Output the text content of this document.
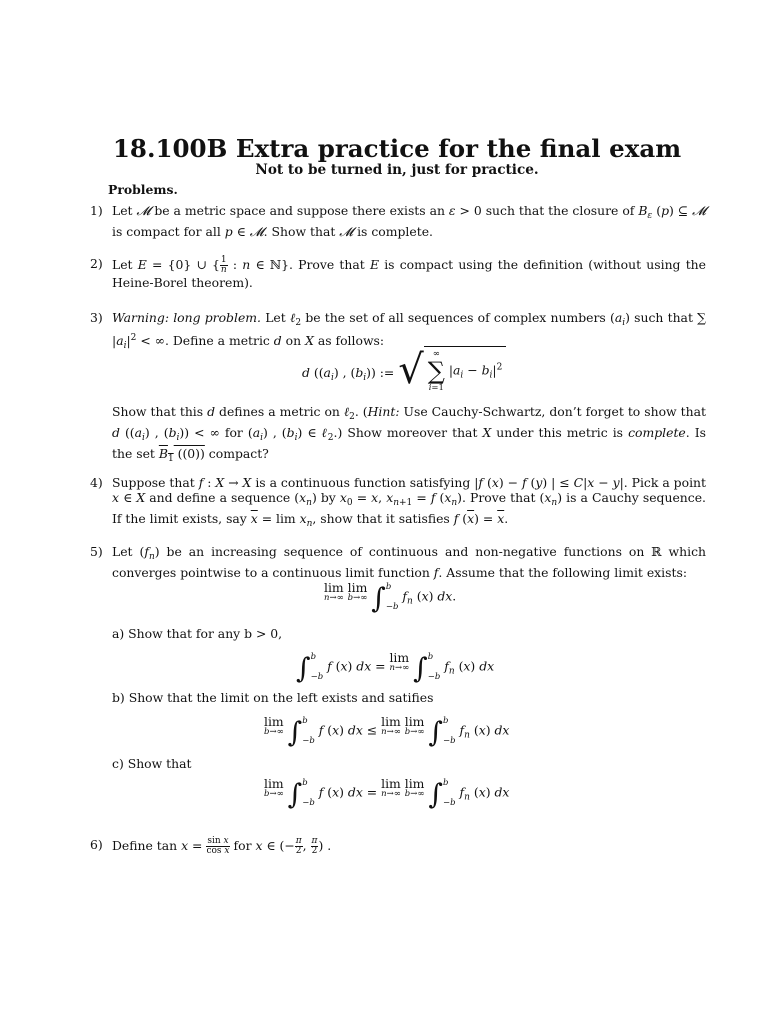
18.100B Extra practice for the final exam
Not to be turned in, just for practice.
Problems.
1) Let 𝓜 be a metric space and suppose there exists an ε > 0 such that the closure of $B_\varepsilon$ (p) ⊆ 𝓜 is compact for all p ∈ 𝓜. Show that 𝓜 is complete.
2) Let E = {0} ∪ { $\frac{1}{n}$ : n ∈ ℕ}. Prove that E is compact using the definition (without using the Heine-Borel theorem).
3) Warning: long problem. Let ℓ$_2$ be the set of all sequences of complex numbers $(a_i)$ such that ∑ $|a_i|^2$ < ∞. Define a metric d on X as follows:
d ($(a_i)$ , $(b_i)$) := √	∞
∑
i=1
$|a_i - b_i|^2$
Show that this d defines a metric on ℓ$_2$. (Hint: Use Cauchy-Schwartz, don’t forget to show that d ($(a_i)$ , $(b_i)$) < ∞ for $(a_i)$ , $(b_i)$ ∈ ℓ$_2$.) Show moreover that X under this metric is complete. Is the set $B_1$ ((0)) compact?
4) Suppose that f : X → X is a continuous function satisfying |f (x) − f (y) | ≤ C|x − y|. Pick a point x ∈ X and define a sequence $(x_n)$ by $x_0 = x$, $x_{n+1} = f$ $(x_n)$. Prove that $(x_n)$ is a Cauchy sequence. If the limit exists, say $\overline{x} = \lim x_n$, show that it satisfies f $(\overline{x}) = \overline{x}$.
5) Let $(f_n)$ be an increasing sequence of continuous and non-negative functions on ℝ which converges pointwise to a continuous limit function f. Assume that the following limit exists:
lim
n→∞
lim
b→∞ ∫b

−b $f_n$ (x) dx.
a) Show that for any b > 0,
∫b

−b f (x) dx = lim
n→∞ ∫b

−b $f_n$ (x) dx
b) Show that the limit on the left exists and satifies
lim
b→∞ ∫b

−b f (x) dx ≤ lim
n→∞
lim
b→∞ ∫b

−b $f_n$ (x) dx
c) Show that
lim
b→∞ ∫b

−b f (x) dx = lim
n→∞
lim
b→∞ ∫b

−b $f_n$ (x) dx
6) Define $\tan x = \frac{\text{sin x}}{\text{cos x}}$ for x ∈ (− $\frac{\pi}{2}$ , $\frac{\pi}{2}$ ) .
